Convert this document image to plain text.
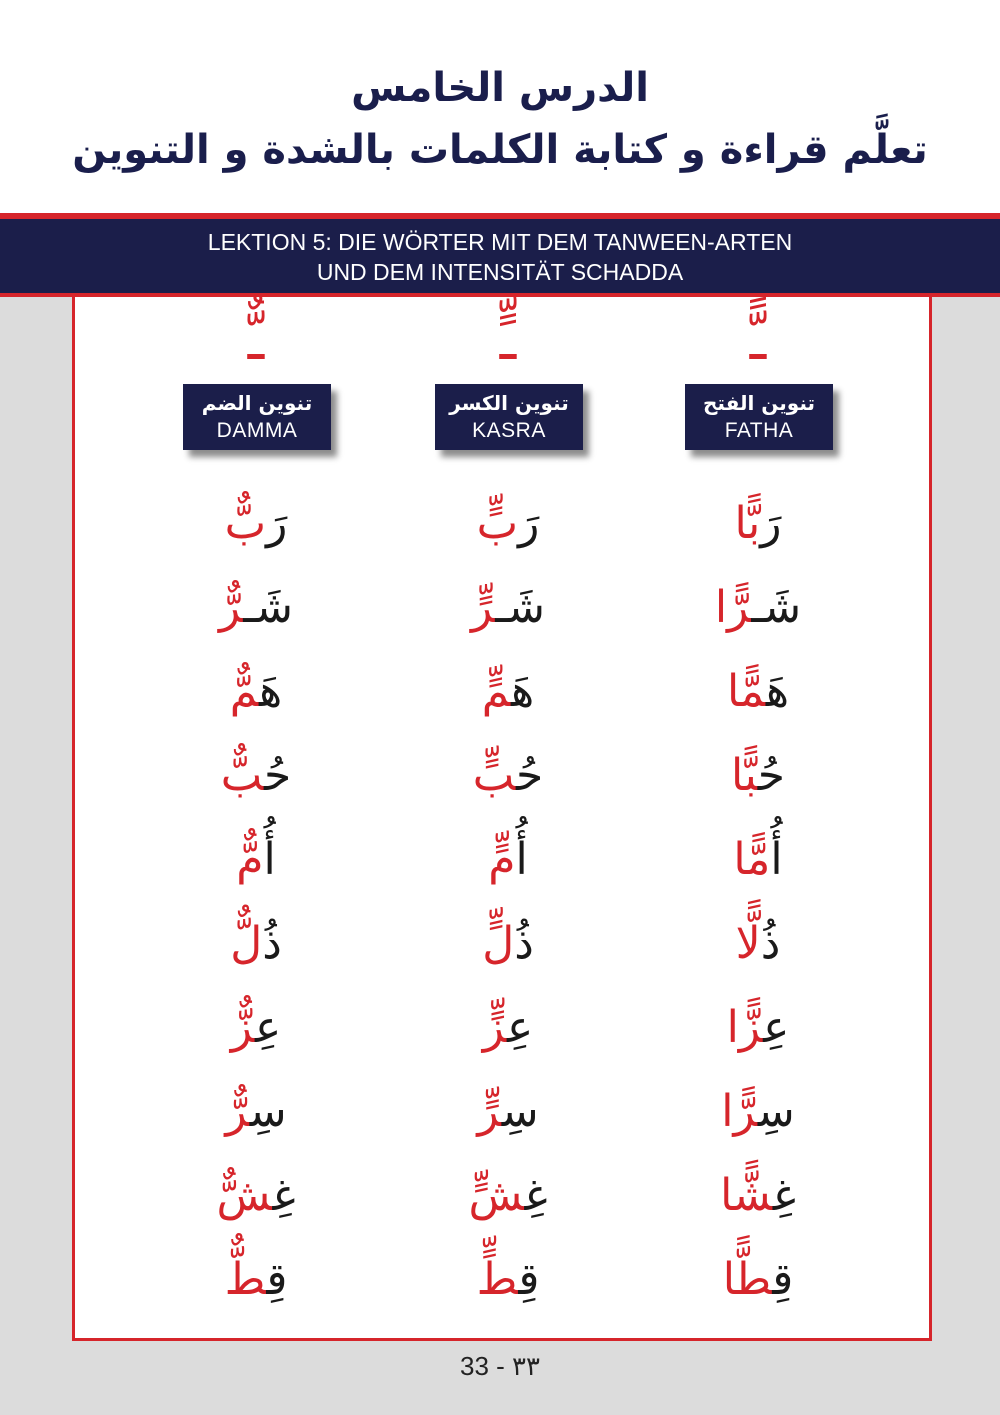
الدرس الخامس
تعلَّم قراءة و كتابة الكلمات بالشدة و التنوين
LEKTION 5: DIE WÖRTER MIT DEM TANWEEN-ARTEN
UND DEM INTENSITÄT SCHADDA
ـًّ
تنوين الفتح
FATHA
رَبًّا
شَـرًّا
هَمًّا
حُبًّا
أُمًّا
ذُلًّا
عِزًّا
سِرًّا
غِشًّا
قِطًّا
ـٍّ
تنوين الكسر
KASRA
رَبٍّ
شَـرٍّ
هَمٍّ
حُبٍّ
أُمٍّ
ذُلٍّ
عِزٍّ
سِرٍّ
غِشٍّ
قِطٍّ
ـٌّ
تنوين الضم
DAMMA
رَبٌّ
شَـرٌّ
هَمٌّ
حُبٌّ
أُمٌّ
ذُلٌّ
عِزٌّ
سِرٌّ
غِشٌّ
قِطٌّ
33 - ٣٣
